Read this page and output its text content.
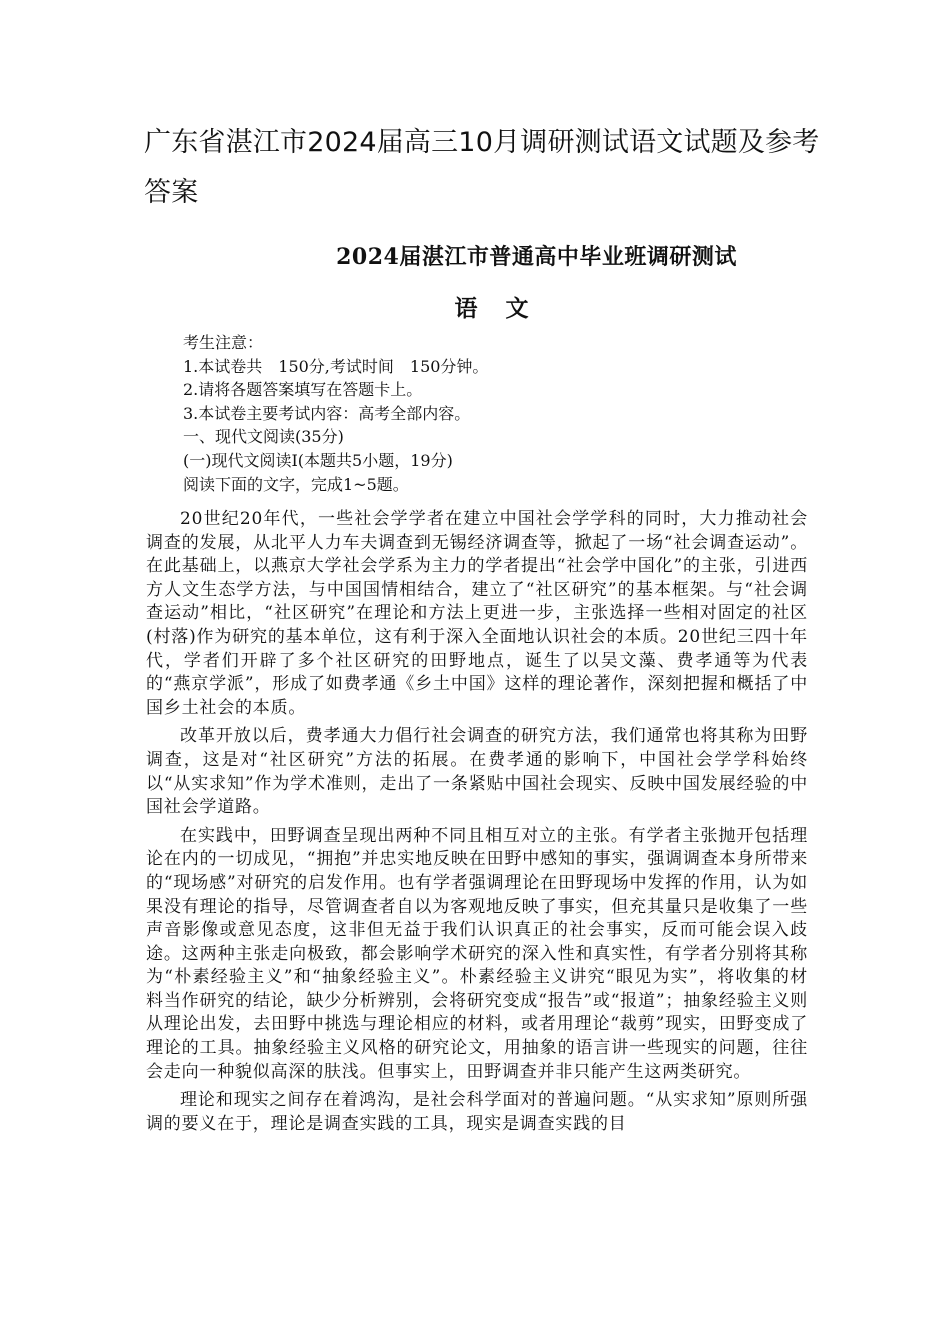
广东省湛江市2024届高三10月调研测试语文试题及参考答案
2024届湛江市普通高中毕业班调研测试
语 文
考生注意：
1.本试卷共　150分,考试时间　150分钟。
2.请将各题答案填写在答题卡上。
3.本试卷主要考试内容：高考全部内容。
一、现代文阅读(35分)
(一)现代文阅读Ⅰ(本题共5小题，19分)
阅读下面的文字，完成1~5题。

20世纪20年代，一些社会学学者在建立中国社会学学科的同时，大力推动社会调查的发展，从北平人力车夫调查到无锡经济调查等，掀起了一场“社会调查运动”。在此基础上，以燕京大学社会学系为主力的学者提出“社会学中国化”的主张，引进西方人文生态学方法，与中国国情相结合，建立了“社区研究”的基本框架。与“社会调查运动”相比，“社区研究”在理论和方法上更进一步，主张选择一些相对固定的社区(村落)作为研究的基本单位，这有利于深入全面地认识社会的本质。20世纪三四十年代，学者们开辟了多个社区研究的田野地点，诞生了以吴文藻、费孝通等为代表的“燕京学派”，形成了如费孝通《乡土中国》这样的理论著作，深刻把握和概括了中国乡土社会的本质。

改革开放以后，费孝通大力倡行社会调查的研究方法，我们通常也将其称为田野调查，这是对“社区研究”方法的拓展。在费孝通的影响下，中国社会学学科始终以“从实求知”作为学术准则，走出了一条紧贴中国社会现实、反映中国发展经验的中国社会学道路。

在实践中，田野调查呈现出两种不同且相互对立的主张。有学者主张抛开包括理论在内的一切成见，“拥抱”并忠实地反映在田野中感知的事实，强调调查本身所带来的“现场感”对研究的启发作用。也有学者强调理论在田野现场中发挥的作用，认为如果没有理论的指导，尽管调查者自以为客观地反映了事实，但充其量只是收集了一些声音影像或意见态度，这非但无益于我们认识真正的社会事实，反而可能会误入歧途。这两种主张走向极致，都会影响学术研究的深入性和真实性，有学者分别将其称为“朴素经验主义”和“抽象经验主义”。朴素经验主义讲究“眼见为实”，将收集的材料当作研究的结论，缺少分析辨别，会将研究变成“报告”或“报道”；抽象经验主义则从理论出发，去田野中挑选与理论相应的材料，或者用理论“裁剪”现实，田野变成了理论的工具。抽象经验主义风格的研究论文，用抽象的语言讲一些现实的问题，往往会走向一种貌似高深的肤浅。但事实上，田野调查并非只能产生这两类研究。

理论和现实之间存在着鸿沟，是社会科学面对的普遍问题。“从实求知”原则所强调的要义在于，理论是调查实践的工具，现实是调查实践的目
